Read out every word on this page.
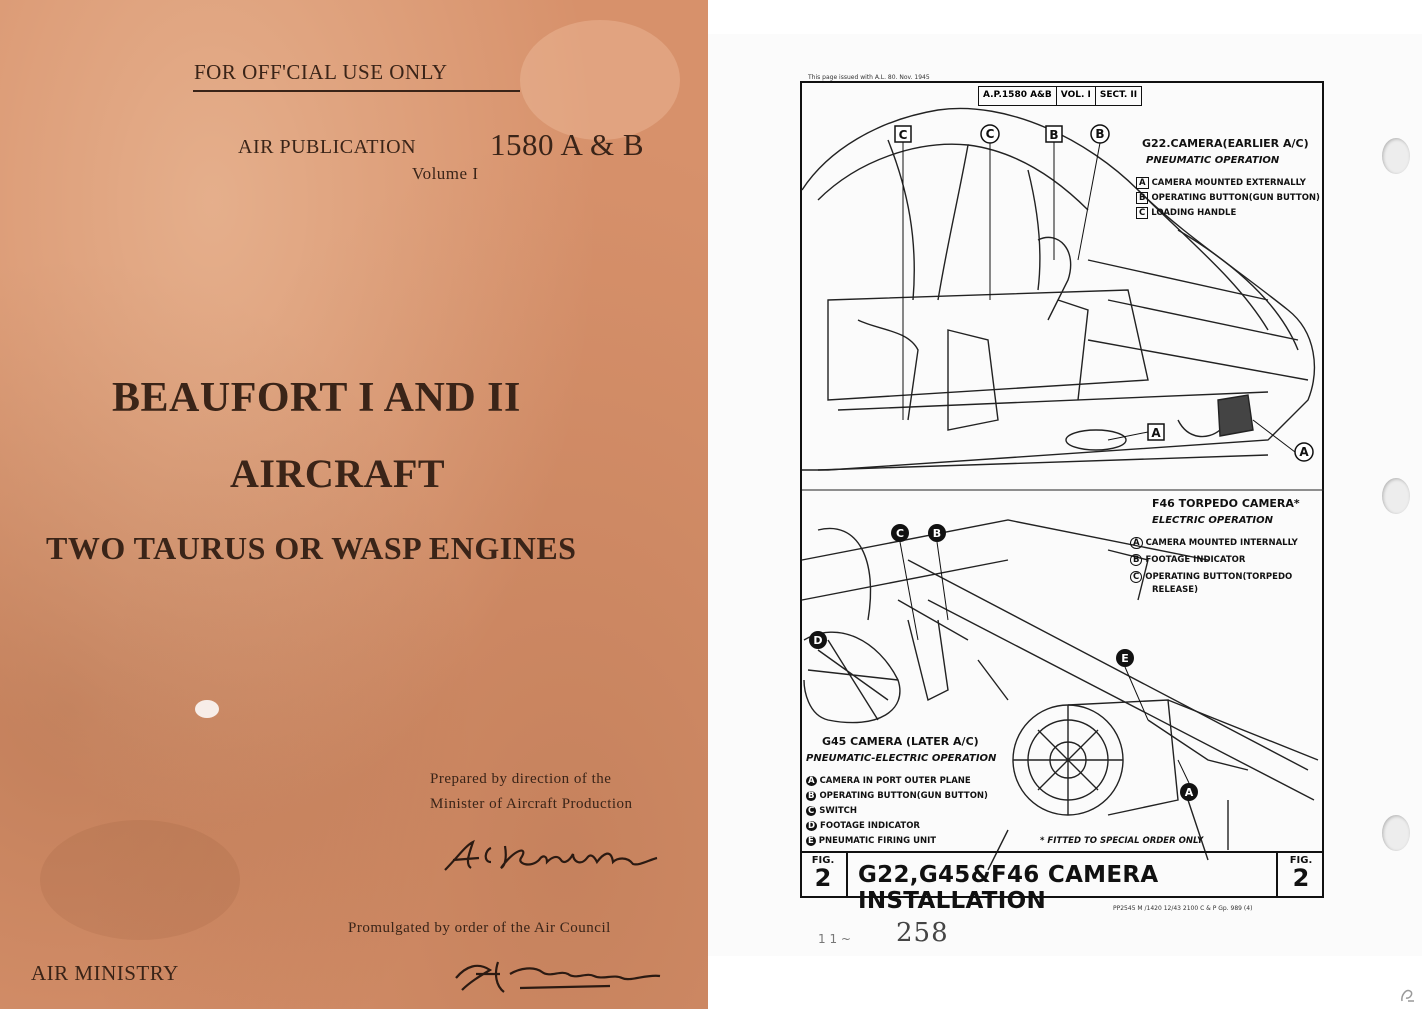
FOR OFF'CIAL USE ONLY
AIR PUBLICATION 1580 A & B
Volume I
BEAUFORT I AND II
AIRCRAFT
TWO TAURUS OR WASP ENGINES
Prepared by direction of the
Minister of Aircraft Production
Promulgated by order of the Air Council
AIR MINISTRY
This page issued with A.L. 80. Nov. 1945
A.P.1580 A&B	VOL. I	SECT. II
C	C	B	B
A
A
C	B
D
E
A
G22.CAMERA(EARLIER A/C)
PNEUMATIC OPERATION
A CAMERA MOUNTED EXTERNALLY
B OPERATING BUTTON(GUN BUTTON)
C LOADING HANDLE
F46 TORPEDO CAMERA*
ELECTRIC OPERATION
A CAMERA MOUNTED INTERNALLY
B FOOTAGE INDICATOR
C OPERATING BUTTON(TORPEDO
RELEASE)
G45 CAMERA (LATER A/C)
PNEUMATIC-ELECTRIC OPERATION
A CAMERA IN PORT OUTER PLANE
B OPERATING BUTTON(GUN BUTTON)
C SWITCH
D FOOTAGE INDICATOR
E PNEUMATIC FIRING UNIT	* FITTED TO SPECIAL ORDER ONLY
FIG.
2	G22,G45&F46 CAMERA INSTALLATION
FIG.
2
PP2545 M /1420 12/43 2100 C & P Gp. 989 (4)
1 1 ~ 258
